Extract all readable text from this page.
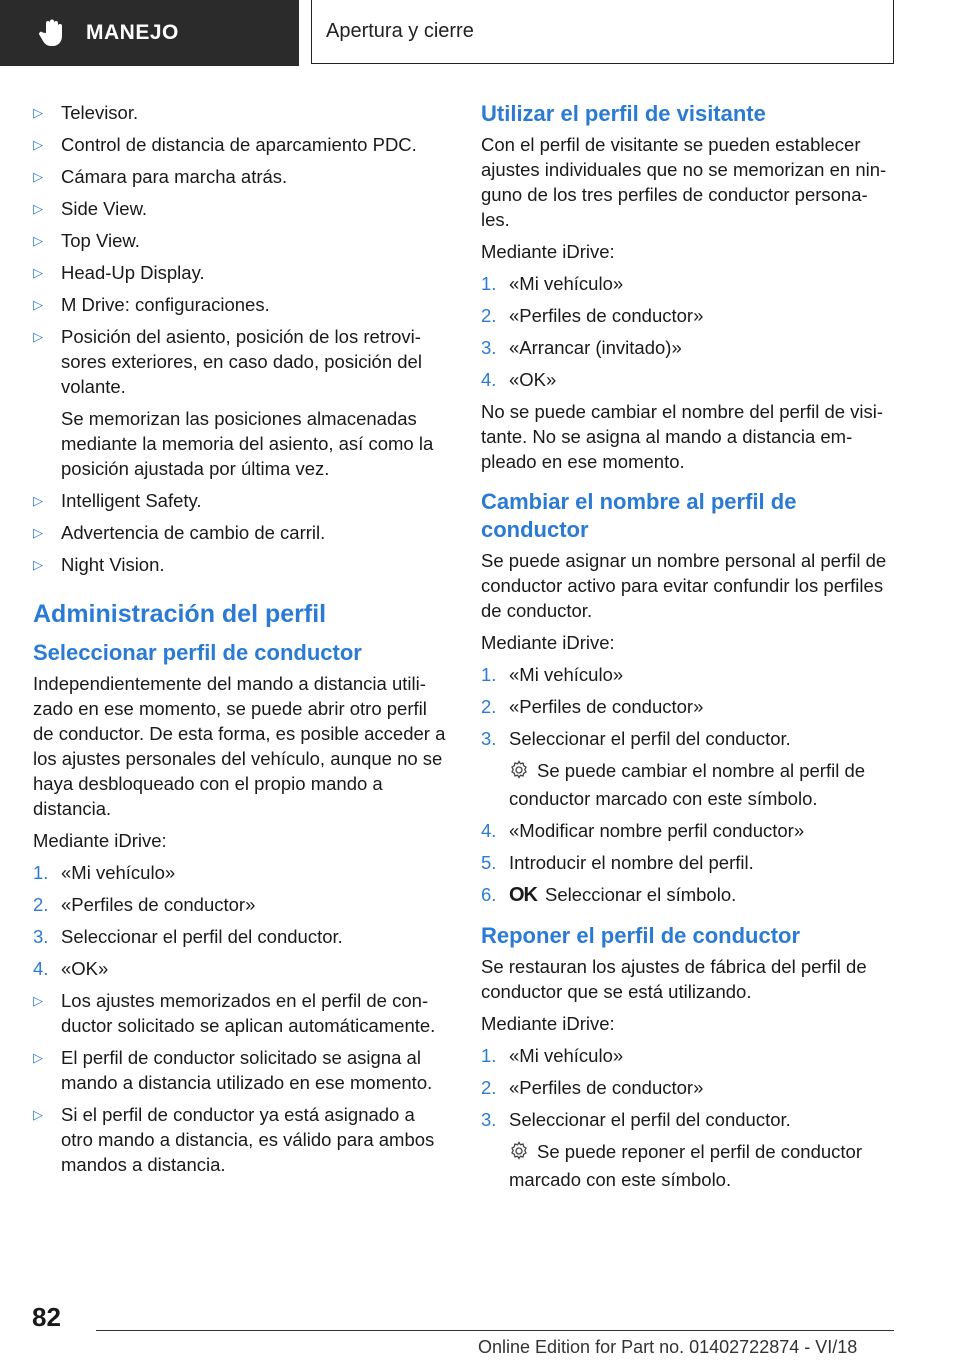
MANEJO	Apertura y cierre
▷ Televisor.
▷ Control de distancia de aparcamiento PDC.
▷ Cámara para marcha atrás.
▷ Side View.
▷ Top View.
▷ Head-Up Display.
▷ M Drive: configuraciones.
▷ Posición del asiento, posición de los retrovi‐ sores exteriores, en caso dado, posición del volante.
Se memorizan las posiciones almacenadas mediante la memoria del asiento, así como la posición ajustada por última vez.
▷ Intelligent Safety.
▷ Advertencia de cambio de carril.
▷ Night Vision.
Administración del perfil
Seleccionar perfil de conductor
Independientemente del mando a distancia utili‐ zado en ese momento, se puede abrir otro perfil de conductor. De esta forma, es posible acceder a los ajustes personales del vehículo, aunque no se haya desbloqueado con el propio mando a distancia.
Mediante iDrive:
1. «Mi vehículo»
2. «Perfiles de conductor»
3. Seleccionar el perfil del conductor.
4. «OK»
▷ Los ajustes memorizados en el perfil de con‐ ductor solicitado se aplican automáticamente.
▷ El perfil de conductor solicitado se asigna al mando a distancia utilizado en ese momento.
▷ Si el perfil de conductor ya está asignado a otro mando a distancia, es válido para ambos mandos a distancia.
Utilizar el perfil de visitante
Con el perfil de visitante se pueden establecer ajustes individuales que no se memorizan en nin‐ guno de los tres perfiles de conductor persona‐ les.
Mediante iDrive:
1. «Mi vehículo»
2. «Perfiles de conductor»
3. «Arrancar (invitado)»
4. «OK»
No se puede cambiar el nombre del perfil de visi‐ tante. No se asigna al mando a distancia em‐ pleado en ese momento.
Cambiar el nombre al perfil de conductor
Se puede asignar un nombre personal al perfil de conductor activo para evitar confundir los perfiles de conductor.
Mediante iDrive:
1. «Mi vehículo»
2. «Perfiles de conductor»
3. Seleccionar el perfil del conductor.
Se puede cambiar el nombre al perfil de conductor marcado con este símbolo.
4. «Modificar nombre perfil conductor»
5. Introducir el nombre del perfil.
6. OK Seleccionar el símbolo.
Reponer el perfil de conductor
Se restauran los ajustes de fábrica del perfil de conductor que se está utilizando.
Mediante iDrive:
1. «Mi vehículo»
2. «Perfiles de conductor»
3. Seleccionar el perfil del conductor.
Se puede reponer el perfil de conductor marcado con este símbolo.
82
Online Edition for Part no. 01402722874 - VI/18
